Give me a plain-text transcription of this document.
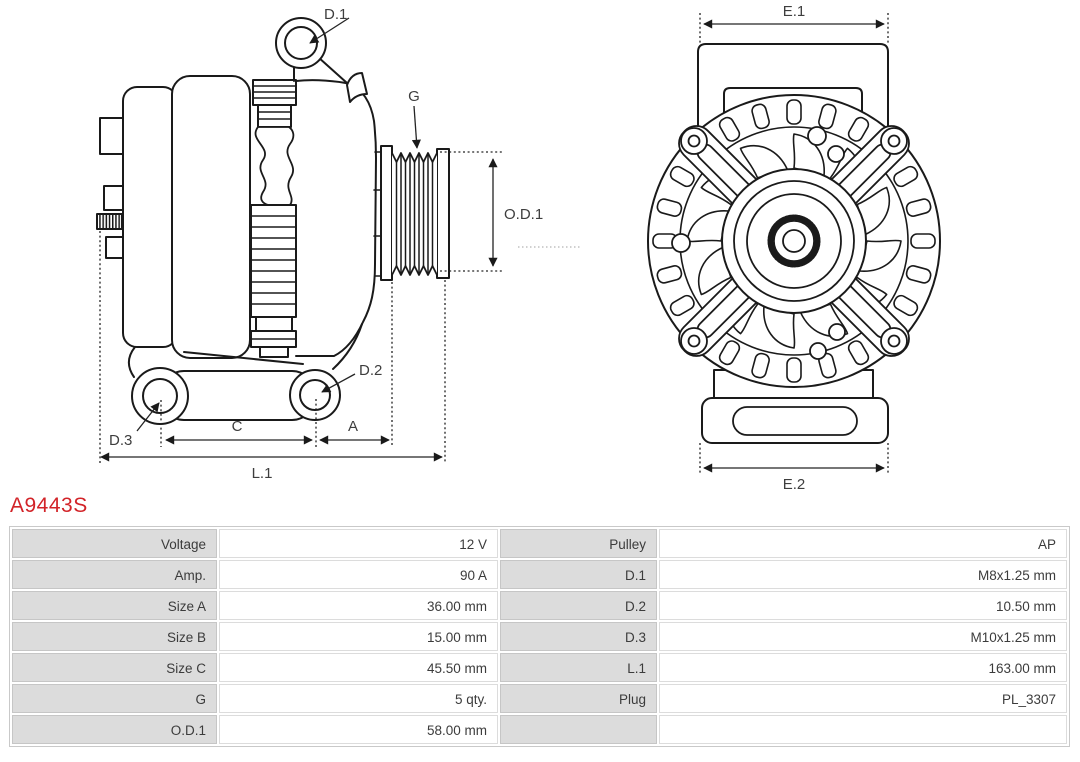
D.1
G
O.D.1
D.2
D.3
C	A
L.1
E.1
E.2
A9443S
Voltage	12 V	Pulley	AP
Amp.	90 A	D.1	M8x1.25 mm
Size A	36.00 mm	D.2	10.50 mm
Size B	15.00 mm	D.3	M10x1.25 mm
Size C	45.50 mm	L.1	163.00 mm
G	5 qty.	Plug	PL_3307
O.D.1	58.00 mm
